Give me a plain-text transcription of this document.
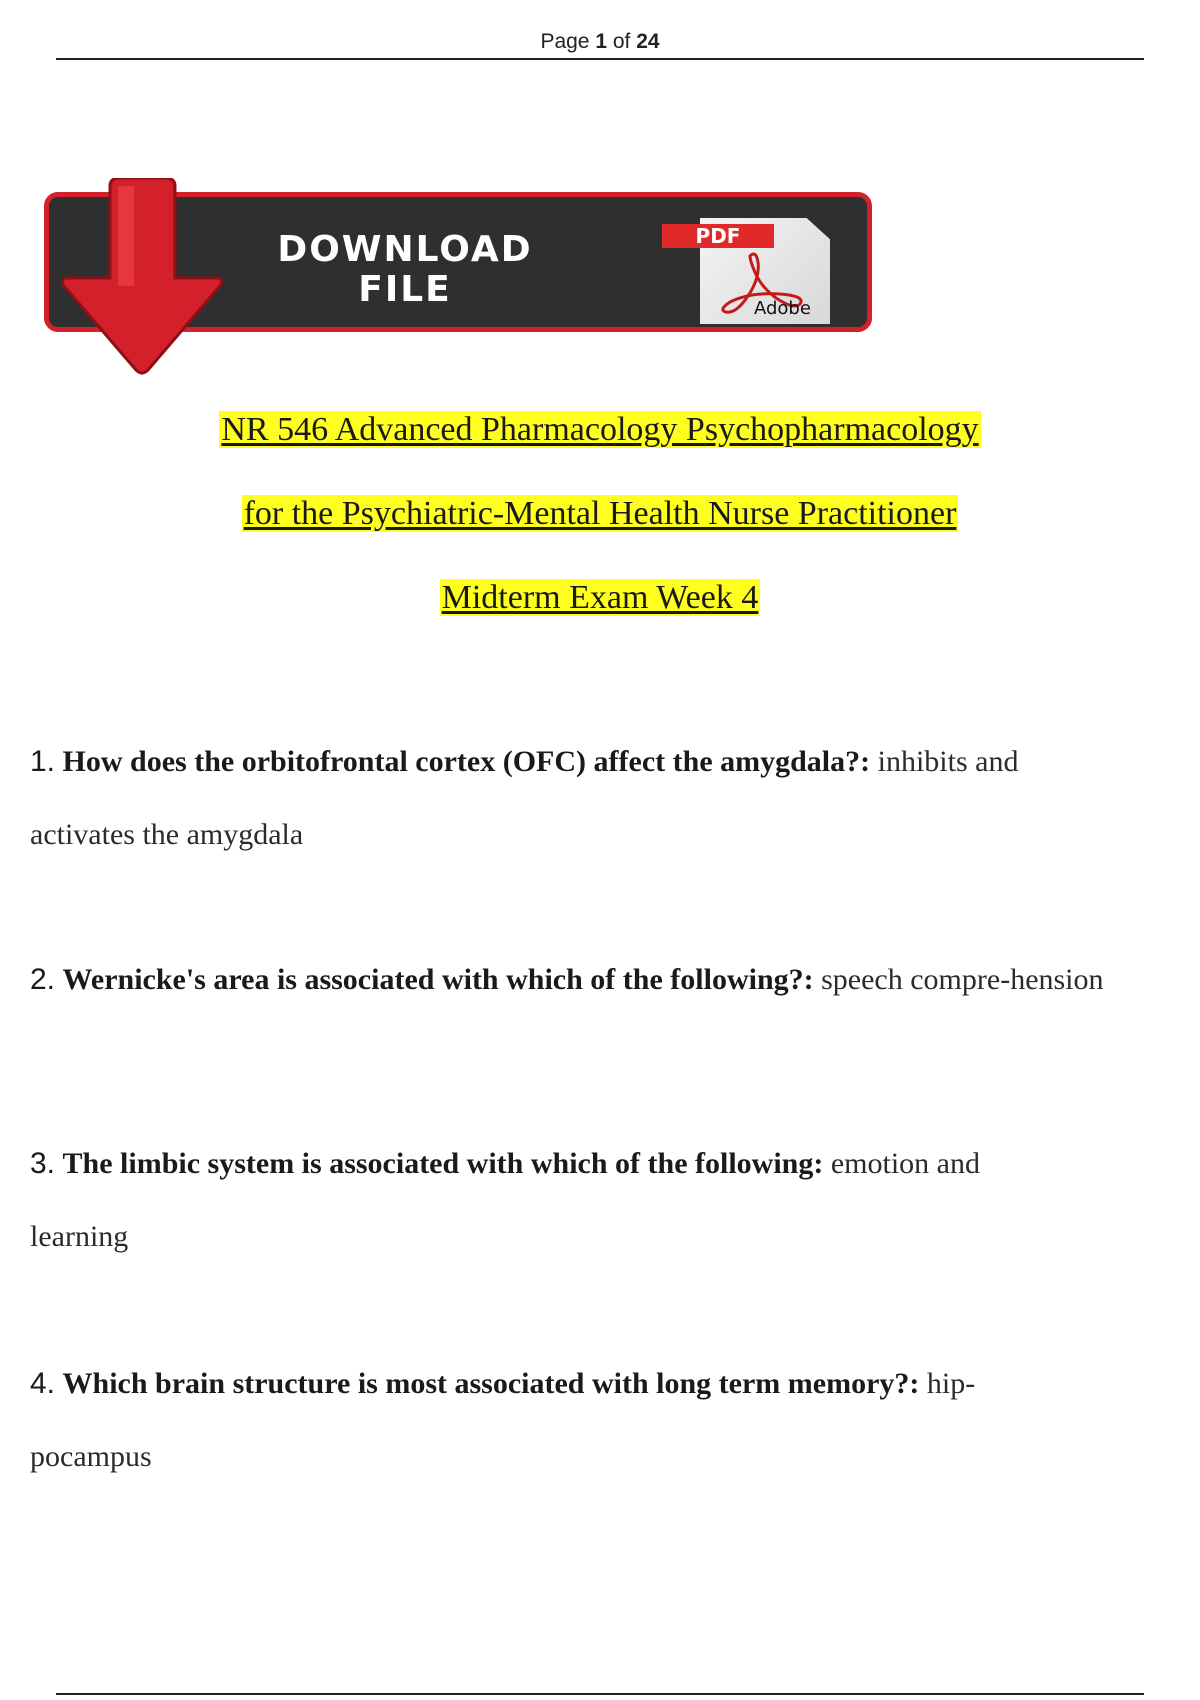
Page 1 of 24
DOWNLOAD
FILE
PDF
Adobe
NR 546 Advanced Pharmacology Psychopharmacology
for the Psychiatric-Mental Health Nurse Practitioner
Midterm Exam Week 4
1. How does the orbitofrontal cortex (OFC) affect the amygdala?: inhibits and
activates the amygdala
2. Wernicke's area is associated with which of the following?: speech compre-hension
3. The limbic system is associated with which of the following: emotion and
learning
4. Which brain structure is most associated with long term memory?: hip-
pocampus
